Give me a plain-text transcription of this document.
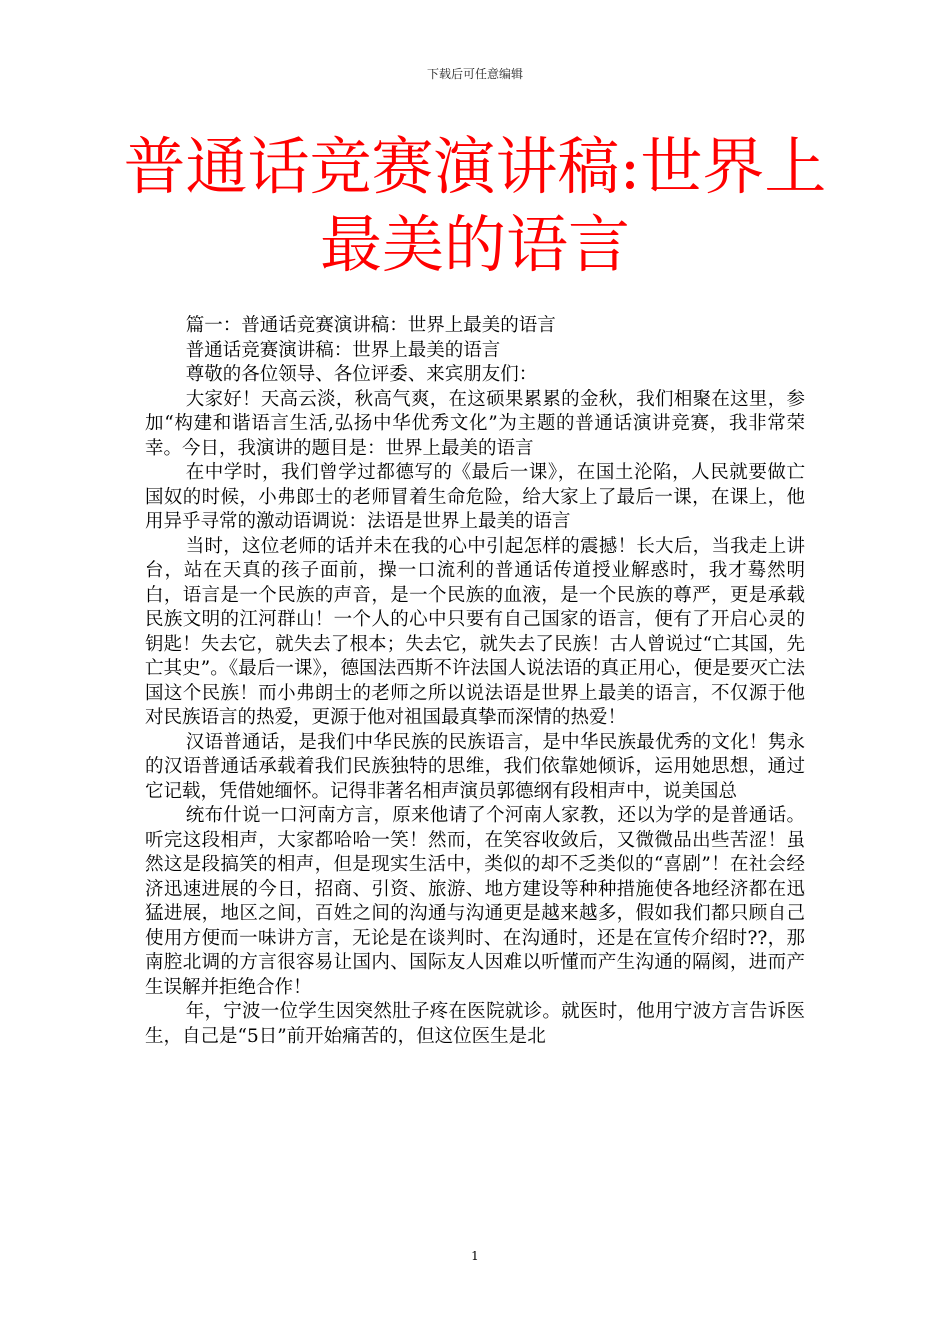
下载后可任意编辑
普通话竞赛演讲稿:世界上
最美的语言

篇一：普通话竞赛演讲稿：世界上最美的语言

普通话竞赛演讲稿：世界上最美的语言

尊敬的各位领导、各位评委、来宾朋友们：

大家好！天高云淡，秋高气爽，在这硕果累累的金秋，我们相聚在这里，参加“构建和谐语言生活,弘扬中华优秀文化”为主题的普通话演讲竞赛，我非常荣幸。今日，我演讲的题目是：世界上最美的语言

在中学时，我们曾学过都德写的《最后一课》，在国土沦陷，人民就要做亡国奴的时候，小弗郎士的老师冒着生命危险，给大家上了最后一课，在课上，他用异乎寻常的激动语调说：法语是世界上最美的语言

当时，这位老师的话并未在我的心中引起怎样的震撼！长大后，当我走上讲台，站在天真的孩子面前，操一口流利的普通话传道授业解惑时，我才蓦然明白，语言是一个民族的声音，是一个民族的血液，是一个民族的尊严，更是承载民族文明的江河群山！一个人的心中只要有自己国家的语言，便有了开启心灵的钥匙！失去它，就失去了根本；失去它，就失去了民族！古人曾说过“亡其国，先亡其史”。《最后一课》，德国法西斯不许法国人说法语的真正用心，便是要灭亡法国这个民族！而小弗朗士的老师之所以说法语是世界上最美的语言，不仅源于他对民族语言的热爱，更源于他对祖国最真挚而深情的热爱！

汉语普通话，是我们中华民族的民族语言，是中华民族最优秀的文化！隽永的汉语普通话承载着我们民族独特的思维，我们依靠她倾诉，运用她思想，通过它记载，凭借她缅怀。记得非著名相声演员郭德纲有段相声中，说美国总

统布什说一口河南方言，原来他请了个河南人家教，还以为学的是普通话。听完这段相声，大家都哈哈一笑！然而，在笑容收敛后，又微微品出些苦涩！虽然这是段搞笑的相声，但是现实生活中，类似的却不乏类似的“喜剧”！在社会经济迅速进展的今日，招商、引资、旅游、地方建设等种种措施使各地经济都在迅猛进展，地区之间，百姓之间的沟通与沟通更是越来越多，假如我们都只顾自己使用方便而一味讲方言，无论是在谈判时、在沟通时，还是在宣传介绍时??，那南腔北调的方言很容易让国内、国际友人因难以听懂而产生沟通的隔阂，进而产生误解并拒绝合作！

年，宁波一位学生因突然肚子疼在医院就诊。就医时，他用宁波方言告诉医生，自己是“5日”前开始痛苦的，但这位医生是北

1
